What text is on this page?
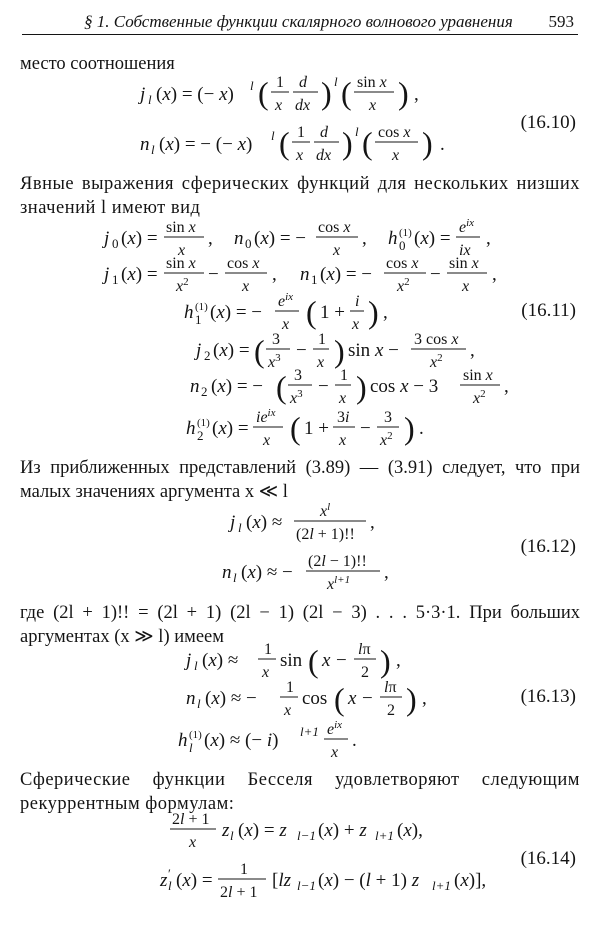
§ 1. Собственные функции скалярного волнового уравнения 593

место соотношения

j l (x) = (− x) l ( 1
x
d
dx ) l ( sin x
x ) ,
n l (x) = − (− x) l ( 1
x
d
dx ) l ( cos x
x ) .
(16.10)

Явные выражения сферических функций для нескольких низших значений l имеют вид

j 0 (x) =
sin x
x
, n 0 (x) = −
cos x
x
, h (1)
0 (x) =
$e^{ix}$
ix
,
j 1 (x) =
sin x
$x^2$ −
cos x
x
, n 1 (x) = −
cos x
$x^2$ −
sin x
x
,
h (1)
1 (x) = −
$e^{ix}$
x ( 1 +
i
x ) ,
j 2 (x) = ( 3
$x^3$ −
1
x ) sin x −
3 cos x
$x^2$ ,
n 2 (x) = − ( 3
$x^3$ −
1
x ) cos x − 3
sin x
$x^2$ ,
h (1)
2 (x) =
$ie^{ix}$
x ( 1 +
3i
x
−
3
$x^2$ ) .
(16.11)

Из приближенных представлений (3.89) — (3.91) следует, что при малых значениях аргумента x ≪ l

j l (x) ≈
$x^l$
(2l + 1)!!
,
n l (x) ≈ −
(2l − 1)!!
$x^{l+1}$ ,
(16.12)

где (2l + 1)!! = (2l + 1) (2l − 1) (2l − 3) . . . 5·3·1. При больших аргументах (x ≫ l) имеем

j l (x) ≈
1
x
sin ( x −
lπ
2 ) ,
n l (x) ≈ −
1
x
cos ( x −
lπ
2 ) ,
h (1)
l (x) ≈ (− i) l+1 $e^{ix}$
x
.
(16.13)

Сферические функции Бесселя удовлетворяют следующим рекуррентным формулам:

2l + 1
x
z l (x) = z l−1 (x) + z l+1 (x),
z ′
l (x) =
1
2l + 1
[lz l−1 (x) − (l + 1) z l+1 (x)],
(16.14)
